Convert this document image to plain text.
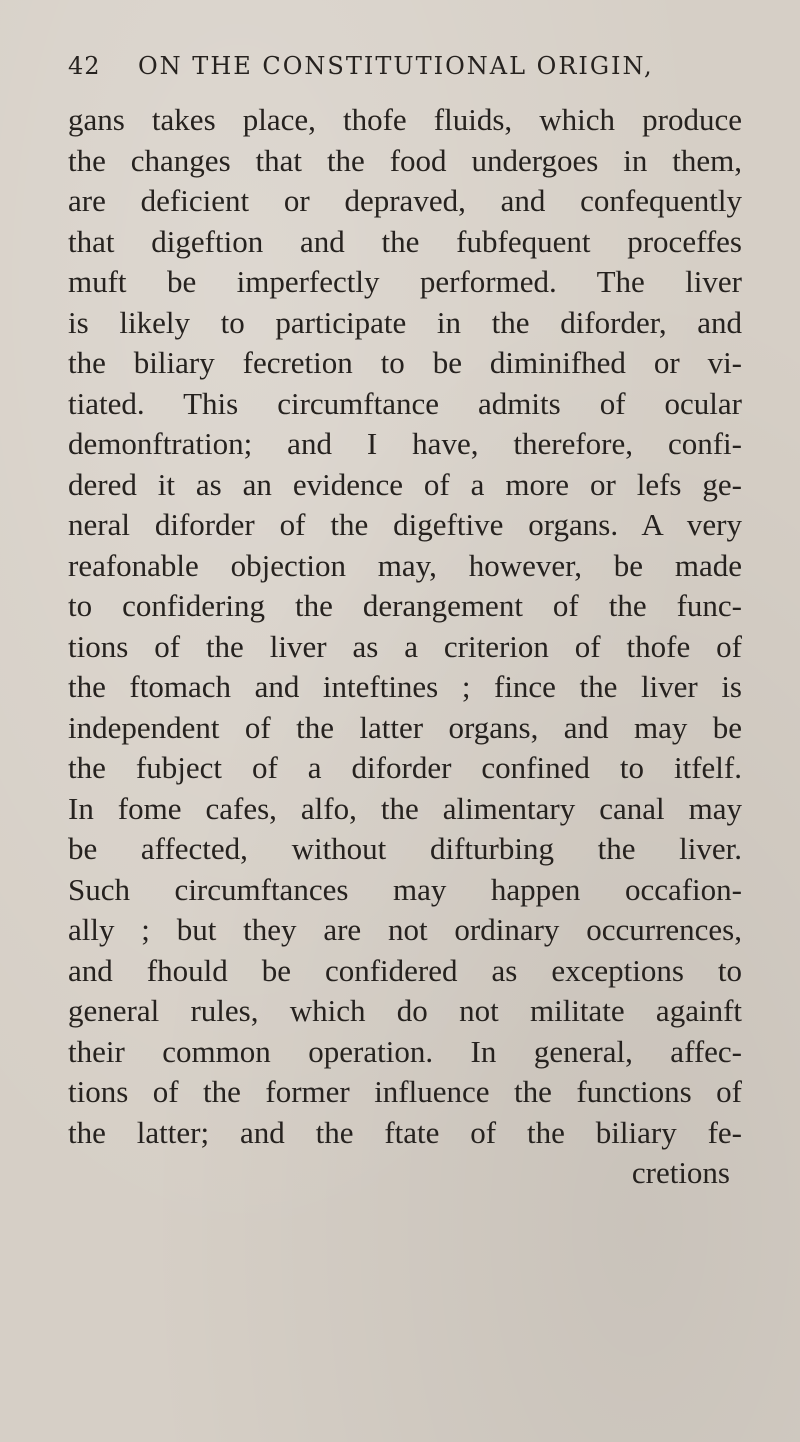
42	ON THE CONSTITUTIONAL ORIGIN,
gans takes place, thofe fluids, which produce
the changes that the food undergoes in them,
are deficient or depraved, and confequently
that digeftion and the fubfequent proceffes
muft be imperfectly performed. The liver
is likely to participate in the diforder, and
the biliary fecretion to be diminifhed or vi-
tiated. This circumftance admits of ocular
demonftration; and I have, therefore, confi-
dered it as an evidence of a more or lefs ge-
neral diforder of the digeftive organs. A very
reafonable objection may, however, be made
to confidering the derangement of the func-
tions of the liver as a criterion of thofe of
the ftomach and inteftines ; fince the liver is
independent of the latter organs, and may be
the fubject of a diforder confined to itfelf.
In fome cafes, alfo, the alimentary canal may
be affected, without difturbing the liver.
Such circumftances may happen occafion-
ally ; but they are not ordinary occurrences,
and fhould be confidered as exceptions to
general rules, which do not militate againft
their common operation. In general, affec-
tions of the former influence the functions of
the latter; and the ftate of the biliary fe-
cretions
